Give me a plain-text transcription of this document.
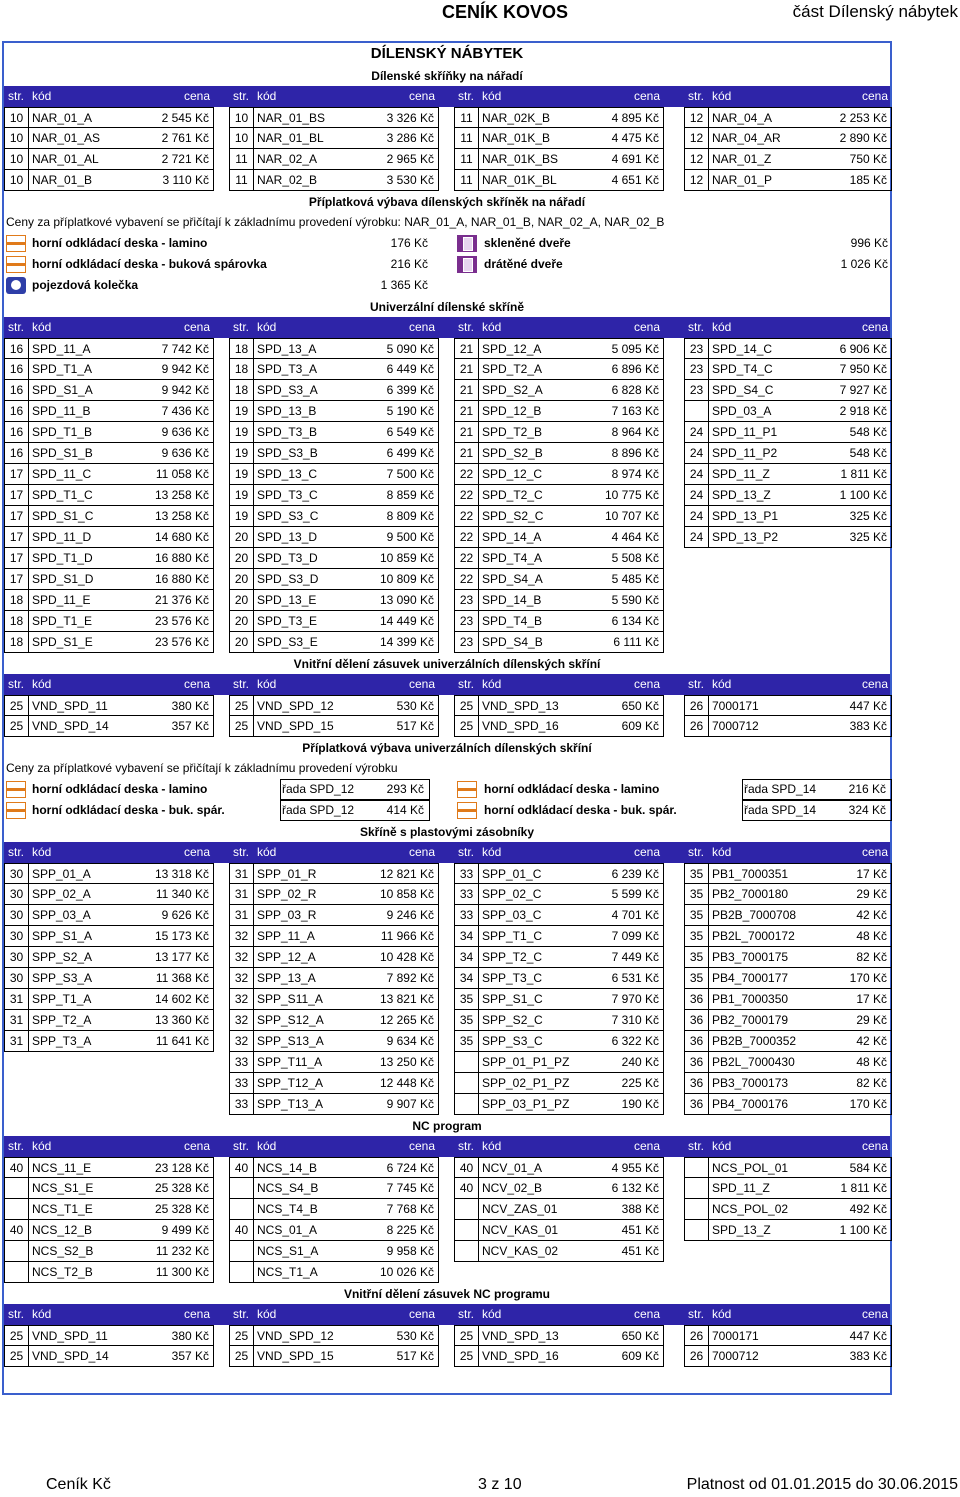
CENÍK KOVOS	část Dílenský nábytek
DÍLENSKÝ NÁBYTEK
Dílenské skříňky na nářadí
str. kód	cena str. kód	cena str. kód	cena str. kód	cena
10 NAR_01_A	2 545 Kč	10 NAR_01_BS	3 326 Kč	11 NAR_02K_B	4 895 Kč	12 NAR_04_A	2 253 Kč
10 NAR_01_AS	2 761 Kč	10 NAR_01_BL	3 286 Kč	11 NAR_01K_B	4 475 Kč	12 NAR_04_AR	2 890 Kč
10 NAR_01_AL	2 721 Kč	11 NAR_02_A	2 965 Kč	11 NAR_01K_BS	4 691 Kč	12 NAR_01_Z	750 Kč
10 NAR_01_B	3 110 Kč	11 NAR_02_B	3 530 Kč	11 NAR_01K_BL	4 651 Kč	12 NAR_01_P	185 Kč
Příplatková výbava dílenských skříněk na nářadí
Ceny za příplatkové vybavení se přičítají k základnímu provedení výrobku: NAR_01_A, NAR_01_B, NAR_02_A, NAR_02_B
horní odkládací deska - lamino	176 Kč	skleněné dveře	996 Kč
horní odkládací deska - buková spárovka	216 Kč	drátěné dveře	1 026 Kč
pojezdová kolečka	1 365 Kč
Univerzální dílenské skříně
str. kód	cena str. kód	cena str. kód	cena str. kód	cena
16 SPD_11_A	7 742 Kč	18 SPD_13_A	5 090 Kč	21 SPD_12_A	5 095 Kč	23 SPD_14_C	6 906 Kč
16 SPD_T1_A	9 942 Kč	18 SPD_T3_A	6 449 Kč	21 SPD_T2_A	6 896 Kč	23 SPD_T4_C	7 950 Kč
16 SPD_S1_A	9 942 Kč	18 SPD_S3_A	6 399 Kč	21 SPD_S2_A	6 828 Kč	23 SPD_S4_C	7 927 Kč
16 SPD_11_B	7 436 Kč	19 SPD_13_B	5 190 Kč	21 SPD_12_B	7 163 Kč	SPD_03_A	2 918 Kč
16 SPD_T1_B	9 636 Kč	19 SPD_T3_B	6 549 Kč	21 SPD_T2_B	8 964 Kč	24 SPD_11_P1	548 Kč
16 SPD_S1_B	9 636 Kč	19 SPD_S3_B	6 499 Kč	21 SPD_S2_B	8 896 Kč	24 SPD_11_P2	548 Kč
17 SPD_11_C	11 058 Kč	19 SPD_13_C	7 500 Kč	22 SPD_12_C	8 974 Kč	24 SPD_11_Z	1 811 Kč
17 SPD_T1_C	13 258 Kč	19 SPD_T3_C	8 859 Kč	22 SPD_T2_C	10 775 Kč	24 SPD_13_Z	1 100 Kč
17 SPD_S1_C	13 258 Kč	19 SPD_S3_C	8 809 Kč	22 SPD_S2_C	10 707 Kč	24 SPD_13_P1	325 Kč
17 SPD_11_D	14 680 Kč	20 SPD_13_D	9 500 Kč	22 SPD_14_A	4 464 Kč	24 SPD_13_P2	325 Kč
17 SPD_T1_D	16 880 Kč	20 SPD_T3_D	10 859 Kč	22 SPD_T4_A	5 508 Kč
17 SPD_S1_D	16 880 Kč	20 SPD_S3_D	10 809 Kč	22 SPD_S4_A	5 485 Kč
18 SPD_11_E	21 376 Kč	20 SPD_13_E	13 090 Kč	23 SPD_14_B	5 590 Kč
18 SPD_T1_E	23 576 Kč	20 SPD_T3_E	14 449 Kč	23 SPD_T4_B	6 134 Kč
18 SPD_S1_E	23 576 Kč	20 SPD_S3_E	14 399 Kč	23 SPD_S4_B	6 111 Kč
Vnitřní dělení zásuvek univerzálních dílenských skříní
str. kód	cena str. kód	cena str. kód	cena str. kód	cena
25 VND_SPD_11	380 Kč	25 VND_SPD_12	530 Kč	25 VND_SPD_13	650 Kč	26 7000171	447 Kč
25 VND_SPD_14	357 Kč	25 VND_SPD_15	517 Kč	25 VND_SPD_16	609 Kč	26 7000712	383 Kč
Příplatková výbava univerzálních dílenských skříní
Ceny za příplatkové vybavení se přičítají k základnímu provedení výrobku
horní odkládací deska - lamino	řada SPD_12	293 Kč	horní odkládací deska - lamino	řada SPD_14	216 Kč
horní odkládací deska - buk. spár.	řada SPD_12	414 Kč	horní odkládací deska - buk. spár.	řada SPD_14	324 Kč
Skříně s plastovými zásobníky
str. kód	cena str. kód	cena str. kód	cena str. kód	cena
30 SPP_01_A	13 318 Kč	31 SPP_01_R	12 821 Kč	33 SPP_01_C	6 239 Kč	35 PB1_7000351	17 Kč
30 SPP_02_A	11 340 Kč	31 SPP_02_R	10 858 Kč	33 SPP_02_C	5 599 Kč	35 PB2_7000180	29 Kč
30 SPP_03_A	9 626 Kč	31 SPP_03_R	9 246 Kč	33 SPP_03_C	4 701 Kč	35 PB2B_7000708	42 Kč
30 SPP_S1_A	15 173 Kč	32 SPP_11_A	11 966 Kč	34 SPP_T1_C	7 099 Kč	35 PB2L_7000172	48 Kč
30 SPP_S2_A	13 177 Kč	32 SPP_12_A	10 428 Kč	34 SPP_T2_C	7 449 Kč	35 PB3_7000175	82 Kč
30 SPP_S3_A	11 368 Kč	32 SPP_13_A	7 892 Kč	34 SPP_T3_C	6 531 Kč	35 PB4_7000177	170 Kč
31 SPP_T1_A	14 602 Kč	32 SPP_S11_A	13 821 Kč	35 SPP_S1_C	7 970 Kč	36 PB1_7000350	17 Kč
31 SPP_T2_A	13 360 Kč	32 SPP_S12_A	12 265 Kč	35 SPP_S2_C	7 310 Kč	36 PB2_7000179	29 Kč
31 SPP_T3_A	11 641 Kč	32 SPP_S13_A	9 634 Kč	35 SPP_S3_C	6 322 Kč	36 PB2B_7000352	42 Kč
33 SPP_T11_A	13 250 Kč	SPP_01_P1_PZ	240 Kč	36 PB2L_7000430	48 Kč
33 SPP_T12_A	12 448 Kč	SPP_02_P1_PZ	225 Kč	36 PB3_7000173	82 Kč
33 SPP_T13_A	9 907 Kč	SPP_03_P1_PZ	190 Kč	36 PB4_7000176	170 Kč
NC program
str. kód	cena str. kód	cena str. kód	cena str. kód	cena
40 NCS_11_E	23 128 Kč	40 NCS_14_B	6 724 Kč	40 NCV_01_A	4 955 Kč	NCS_POL_01	584 Kč
NCS_S1_E	25 328 Kč	NCS_S4_B	7 745 Kč	40 NCV_02_B	6 132 Kč	SPD_11_Z	1 811 Kč
NCS_T1_E	25 328 Kč	NCS_T4_B	7 768 Kč	NCV_ZAS_01	388 Kč	NCS_POL_02	492 Kč
40 NCS_12_B	9 499 Kč	40 NCS_01_A	8 225 Kč	NCV_KAS_01	451 Kč	SPD_13_Z	1 100 Kč
NCS_S2_B	11 232 Kč	NCS_S1_A	9 958 Kč	NCV_KAS_02	451 Kč
NCS_T2_B	11 300 Kč	NCS_T1_A	10 026 Kč
Vnitřní dělení zásuvek NC programu
str. kód	cena str. kód	cena str. kód	cena str. kód	cena
25 VND_SPD_11	380 Kč	25 VND_SPD_12	530 Kč	25 VND_SPD_13	650 Kč	26 7000171	447 Kč
25 VND_SPD_14	357 Kč	25 VND_SPD_15	517 Kč	25 VND_SPD_16	609 Kč	26 7000712	383 Kč
Ceník Kč	3 z 10	Platnost od 01.01.2015 do 30.06.2015
